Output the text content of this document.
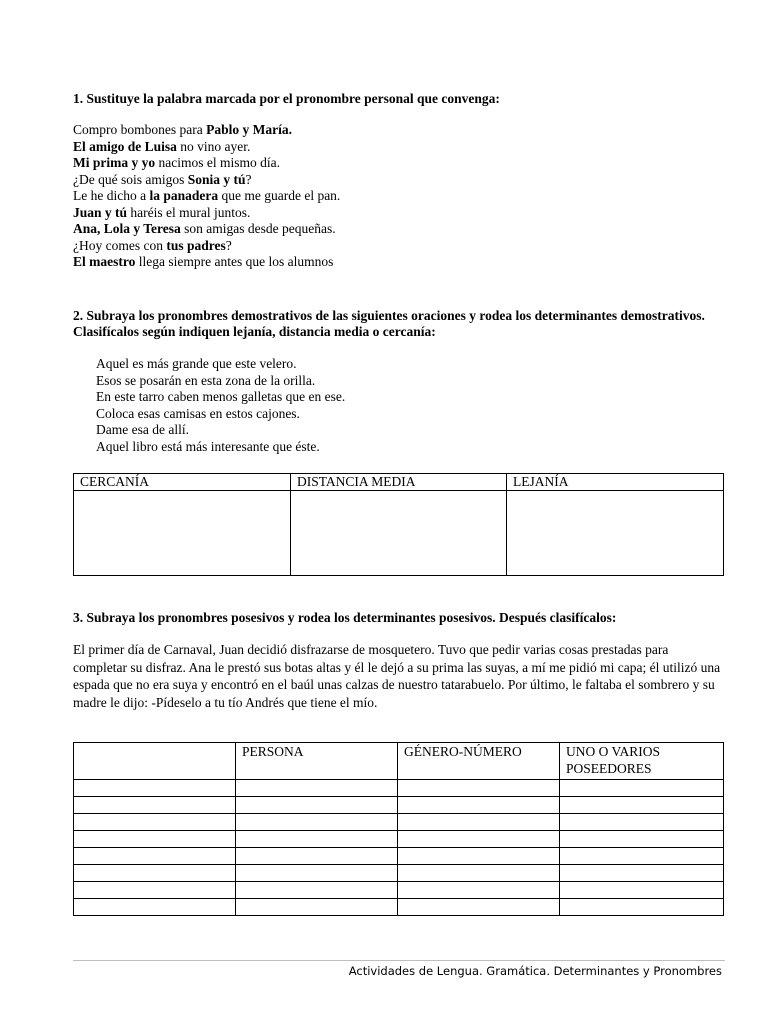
1. Sustituye la palabra marcada por el pronombre personal que convenga:
Compro bombones para Pablo y María.
El amigo de Luisa no vino ayer.
Mi prima y yo nacimos el mismo día.
¿De qué sois amigos Sonia y tú?
Le he dicho a la panadera que me guarde el pan.
Juan y tú haréis el mural juntos.
Ana, Lola y Teresa son amigas desde pequeñas.
¿Hoy comes con tus padres?
El maestro llega siempre antes que los alumnos
2. Subraya los pronombres demostrativos de las siguientes oraciones y rodea los determinantes demostrativos. Clasifícalos según indiquen lejanía, distancia media o cercanía:
Aquel es más grande que este velero.
Esos se posarán en esta zona de la orilla.
En este tarro caben menos galletas que en ese.
Coloca esas camisas en estos cajones.
Dame esa de allí.
Aquel libro está más interesante que éste.
CERCANÍA	DISTANCIA MEDIA	LEJANÍA

3. Subraya los pronombres posesivos y rodea los determinantes posesivos. Después clasifícalos:
El primer día de Carnaval, Juan decidió disfrazarse de mosquetero. Tuvo que pedir varias cosas prestadas para completar su disfraz. Ana le prestó sus botas altas y él le dejó a su prima las suyas, a mí me pidió mi capa; él utilizó una espada que no era suya y encontró en el baúl unas calzas de nuestro tatarabuelo. Por último, le faltaba el sombrero y su madre le dijo: -Pídeselo a tu tío Andrés que tiene el mío.
	PERSONA	GÉNERO-NÚMERO	UNO O VARIOS POSEEDORES

Actividades de Lengua. Gramática. Determinantes y Pronombres
